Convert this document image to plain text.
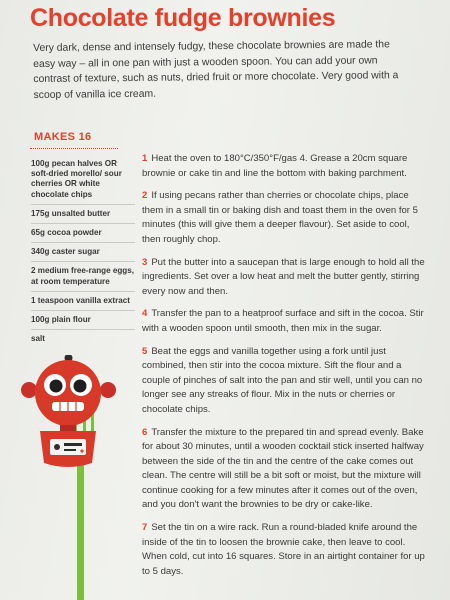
Chocolate fudge brownies

Very dark, dense and intensely fudgy, these chocolate brownies are made the easy way – all in one pan with just a wooden spoon. You can add your own contrast of texture, such as nuts, dried fruit or more chocolate. Very good with a scoop of vanilla ice cream.

MAKES 16
100g pecan halves OR soft-dried morello/ sour cherries OR white chocolate chips
175g unsalted butter
65g cocoa powder
340g caster sugar
2 medium free-range eggs, at room temperature
1 teaspoon vanilla extract
100g plain flour
salt

1 Heat the oven to 180°C/350°F/gas 4. Grease a 20cm square brownie or cake tin and line the bottom with baking parchment.

2 If using pecans rather than cherries or chocolate chips, place them in a small tin or baking dish and toast them in the oven for 5 minutes (this will give them a deeper flavour). Set aside to cool, then roughly chop.

3 Put the butter into a saucepan that is large enough to hold all the ingredients. Set over a low heat and melt the butter gently, stirring every now and then.

4 Transfer the pan to a heatproof surface and sift in the cocoa. Stir with a wooden spoon until smooth, then mix in the sugar.

5 Beat the eggs and vanilla together using a fork until just combined, then stir into the cocoa mixture. Sift the flour and a couple of pinches of salt into the pan and stir well, until you can no longer see any streaks of flour. Mix in the nuts or cherries or chocolate chips.

6 Transfer the mixture to the prepared tin and spread evenly. Bake for about 30 minutes, until a wooden cocktail stick inserted halfway between the side of the tin and the centre of the cake comes out clean. The centre will still be a bit soft or moist, but the mixture will continue cooking for a few minutes after it comes out of the oven, and you don't want the brownies to be dry or cake-like.

7 Set the tin on a wire rack. Run a round-bladed knife around the inside of the tin to loosen the brownie cake, then leave to cool. When cold, cut into 16 squares. Store in an airtight container for up to 5 days.
